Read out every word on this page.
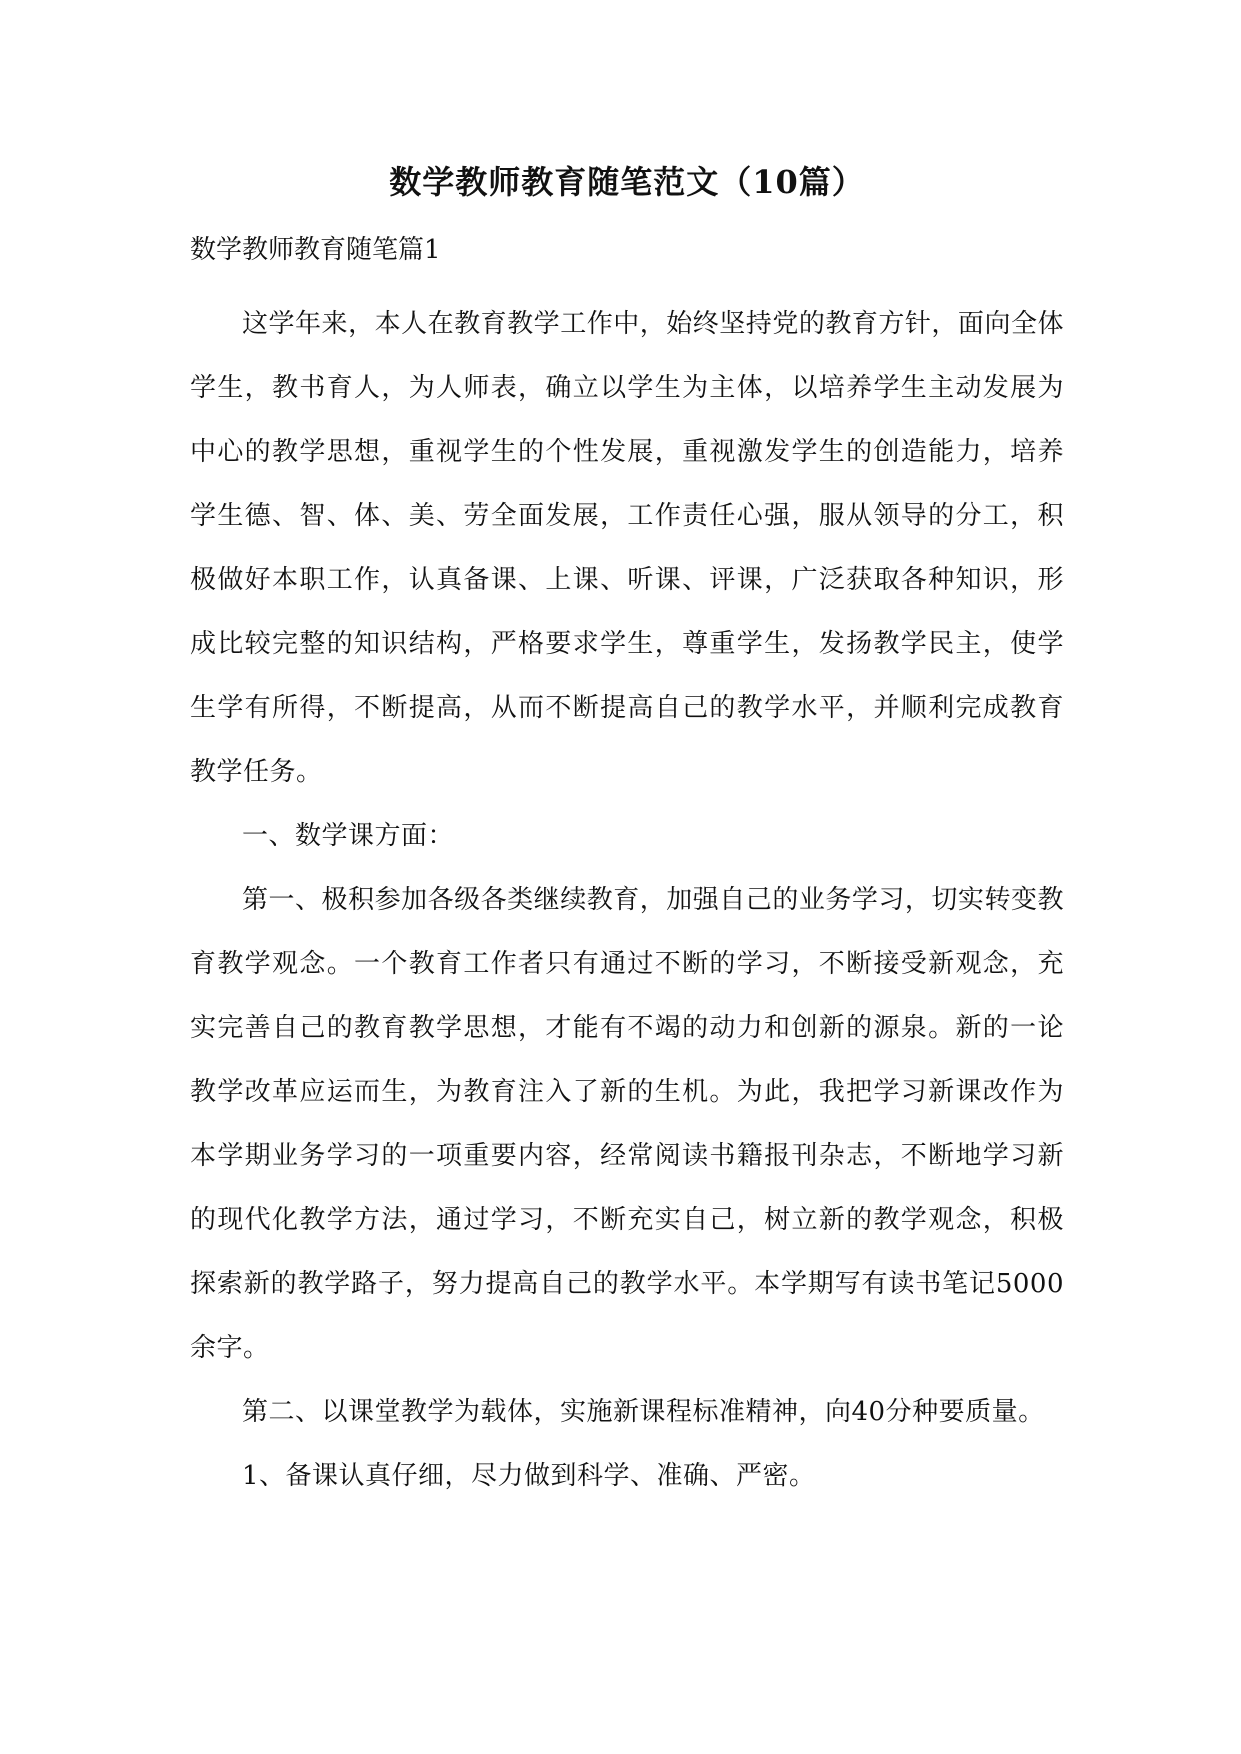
数学教师教育随笔范文（10篇）
数学教师教育随笔篇1

这学年来，本人在教育教学工作中，始终坚持党的教育方针，面向全体学生，教书育人，为人师表，确立以学生为主体，以培养学生主动发展为中心的教学思想，重视学生的个性发展，重视激发学生的创造能力，培养学生德、智、体、美、劳全面发展，工作责任心强，服从领导的分工，积极做好本职工作，认真备课、上课、听课、评课，广泛获取各种知识，形成比较完整的知识结构，严格要求学生，尊重学生，发扬教学民主，使学生学有所得，不断提高，从而不断提高自己的教学水平，并顺利完成教育教学任务。

一、数学课方面：

第一、极积参加各级各类继续教育，加强自己的业务学习，切实转变教育教学观念。一个教育工作者只有通过不断的学习，不断接受新观念，充实完善自己的教育教学思想，才能有不竭的动力和创新的源泉。新的一论教学改革应运而生，为教育注入了新的生机。为此，我把学习新课改作为本学期业务学习的一项重要内容，经常阅读书籍报刊杂志，不断地学习新的现代化教学方法，通过学习，不断充实自己，树立新的教学观念，积极探索新的教学路子，努力提高自己的教学水平。本学期写有读书笔记5000余字。

第二、以课堂教学为载体，实施新课程标准精神，向40分种要质量。

1、备课认真仔细，尽力做到科学、准确、严密。
